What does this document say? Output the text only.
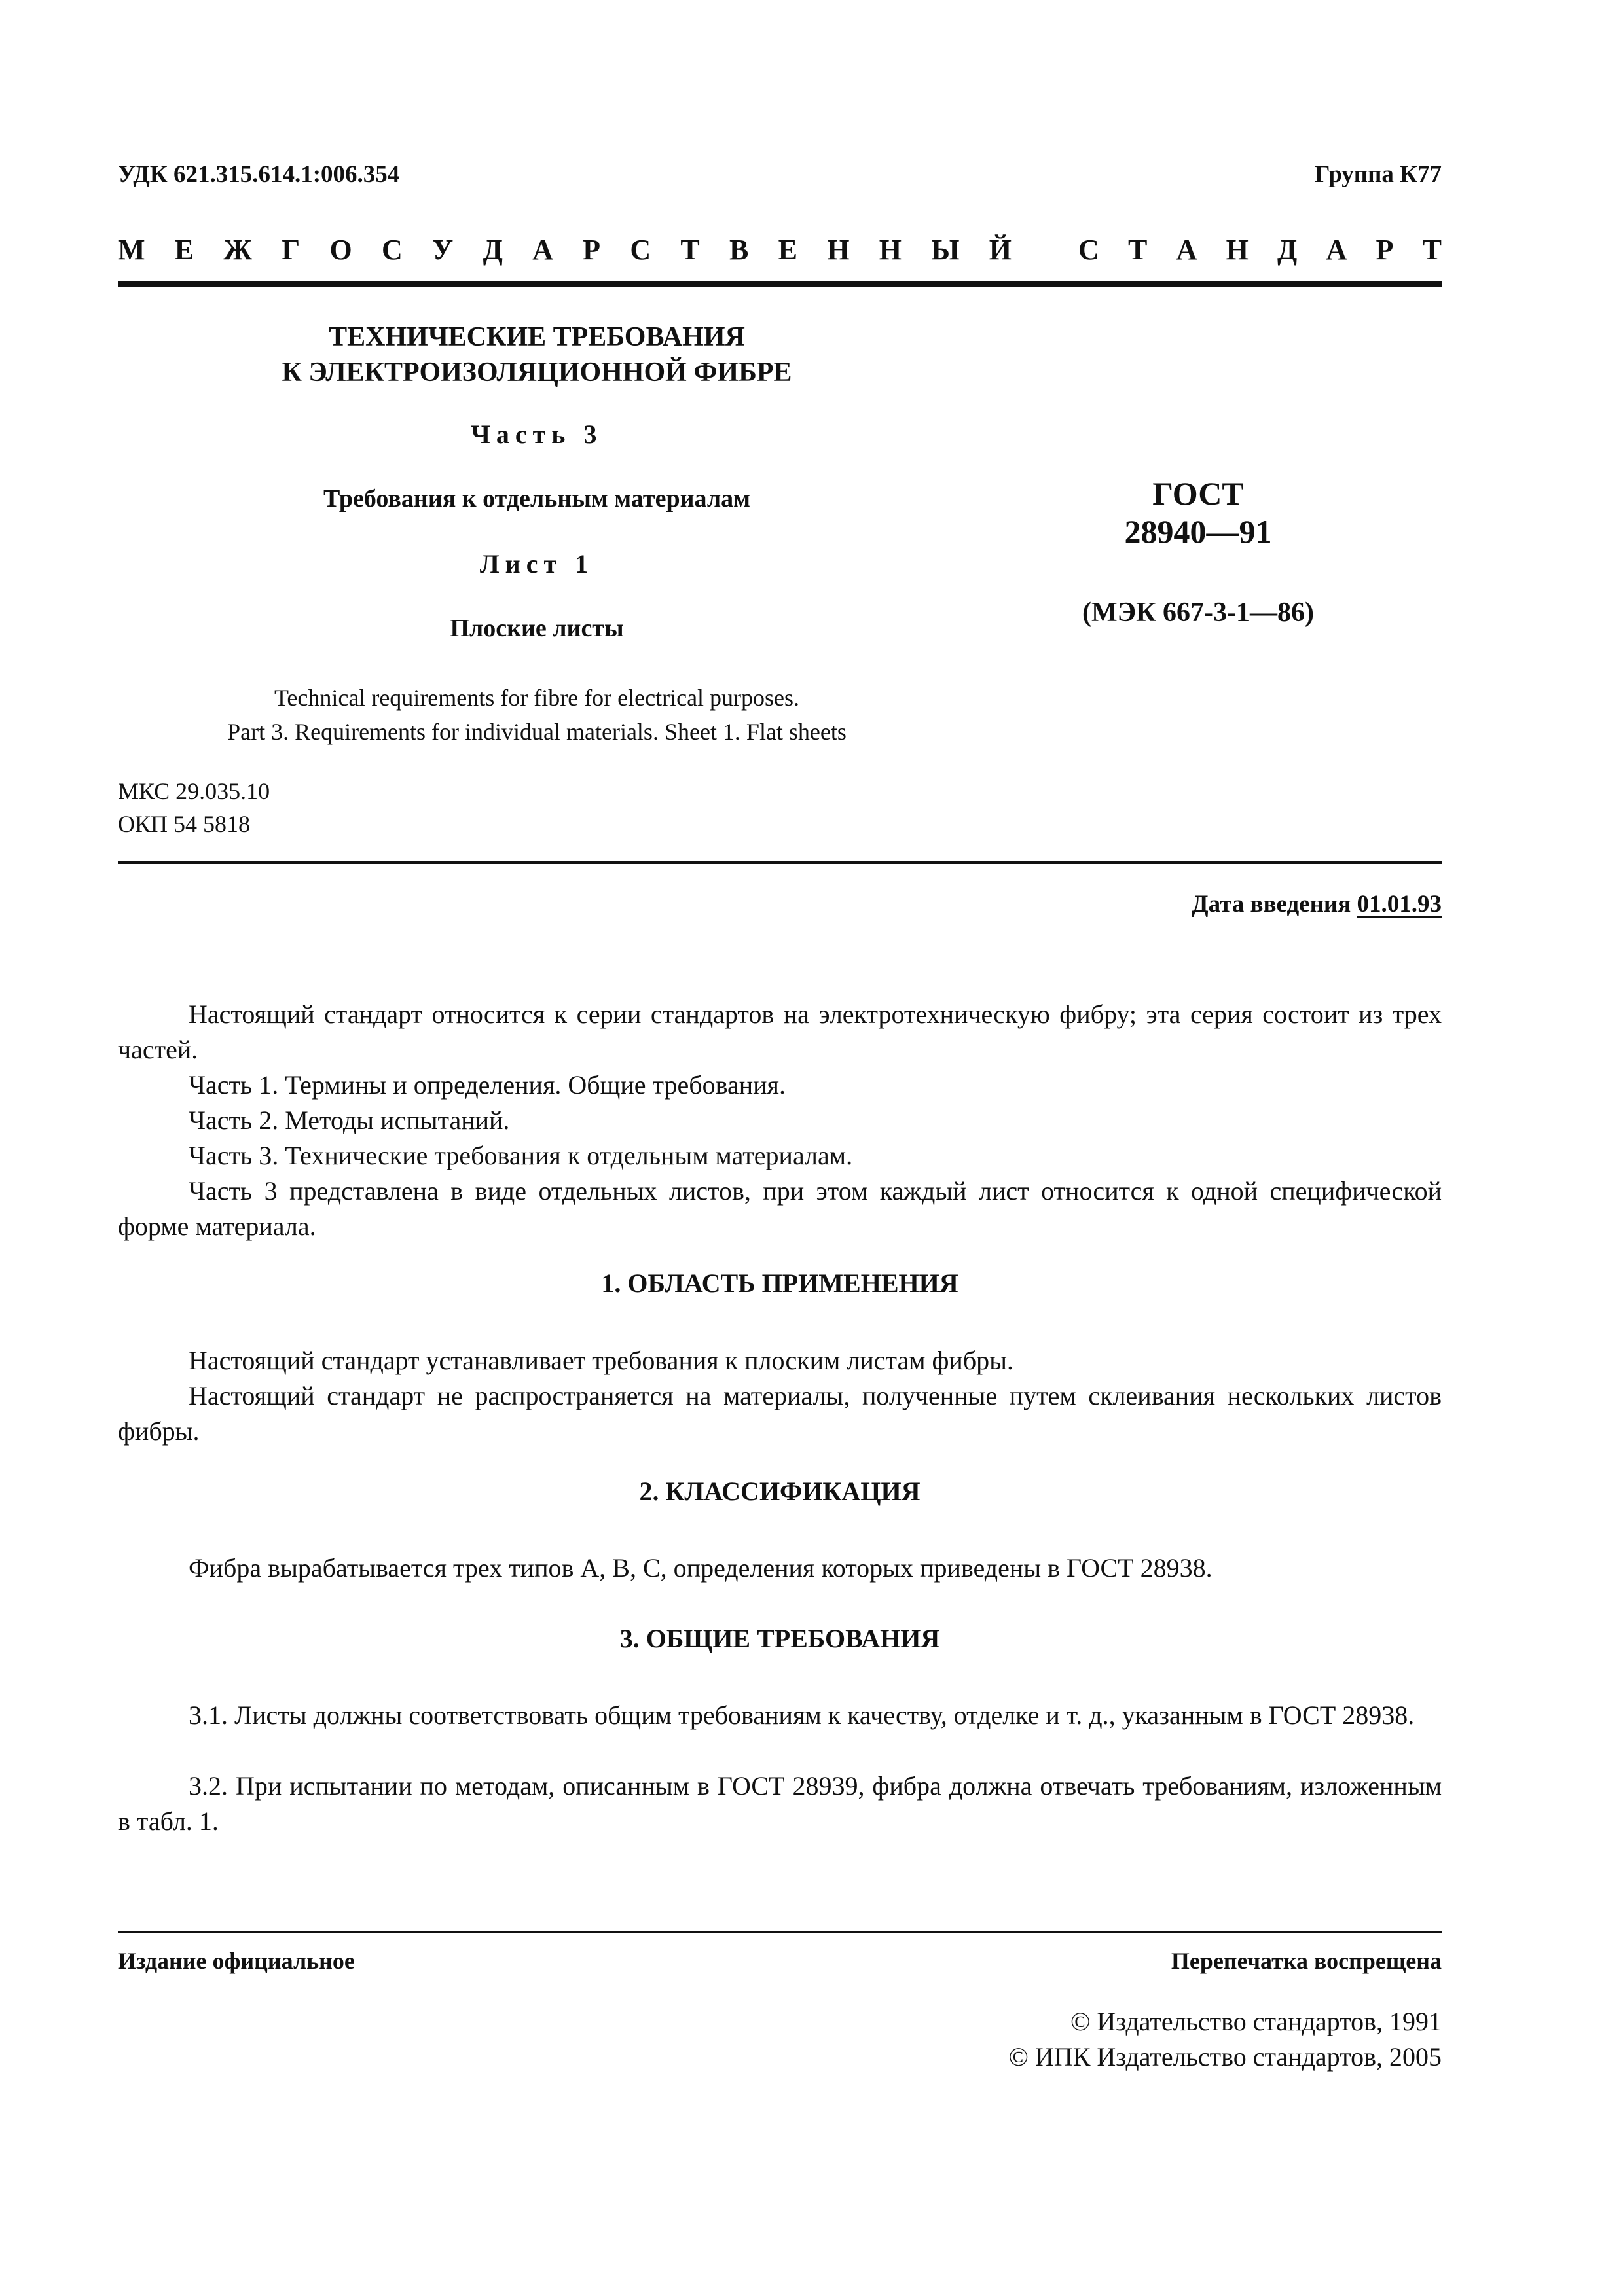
УДК 621.315.614.1:006.354	Группа К77
М Е Ж Г О С У Д А Р С Т В Е Н Н Ы Й С Т А Н Д А Р Т
ТЕХНИЧЕСКИЕ ТРЕБОВАНИЯ
К ЭЛЕКТРОИЗОЛЯЦИОННОЙ ФИБРЕ
Часть 3
Требования к отдельным материалам
Лист 1
Плоские листы
ГОСТ
28940—91
(МЭК 667-3-1—86)
Technical requirements for fibre for electrical purposes.
Part 3. Requirements for individual materials. Sheet 1. Flat sheets
МКС 29.035.10
ОКП 54 5818
Дата введения 01.01.93
Настоящий стандарт относится к серии стандартов на электротехническую фибру; эта серия состоит из трех частей.
Часть 1. Термины и определения. Общие требования.
Часть 2. Методы испытаний.
Часть 3. Технические требования к отдельным материалам.
Часть 3 представлена в виде отдельных листов, при этом каждый лист относится к одной специфической форме материала.
1. ОБЛАСТЬ ПРИМЕНЕНИЯ
Настоящий стандарт устанавливает требования к плоским листам фибры.
Настоящий стандарт не распространяется на материалы, полученные путем склеивания нескольких листов фибры.
2. КЛАССИФИКАЦИЯ
Фибра вырабатывается трех типов А, В, С, определения которых приведены в ГОСТ 28938.
3. ОБЩИЕ ТРЕБОВАНИЯ
3.1. Листы должны соответствовать общим требованиям к качеству, отделке и т. д., указанным в ГОСТ 28938.
3.2. При испытании по методам, описанным в ГОСТ 28939, фибра должна отвечать требованиям, изложенным в табл. 1.
Издание официальное	Перепечатка воспрещена
© Издательство стандартов, 1991
© ИПК Издательство стандартов, 2005
